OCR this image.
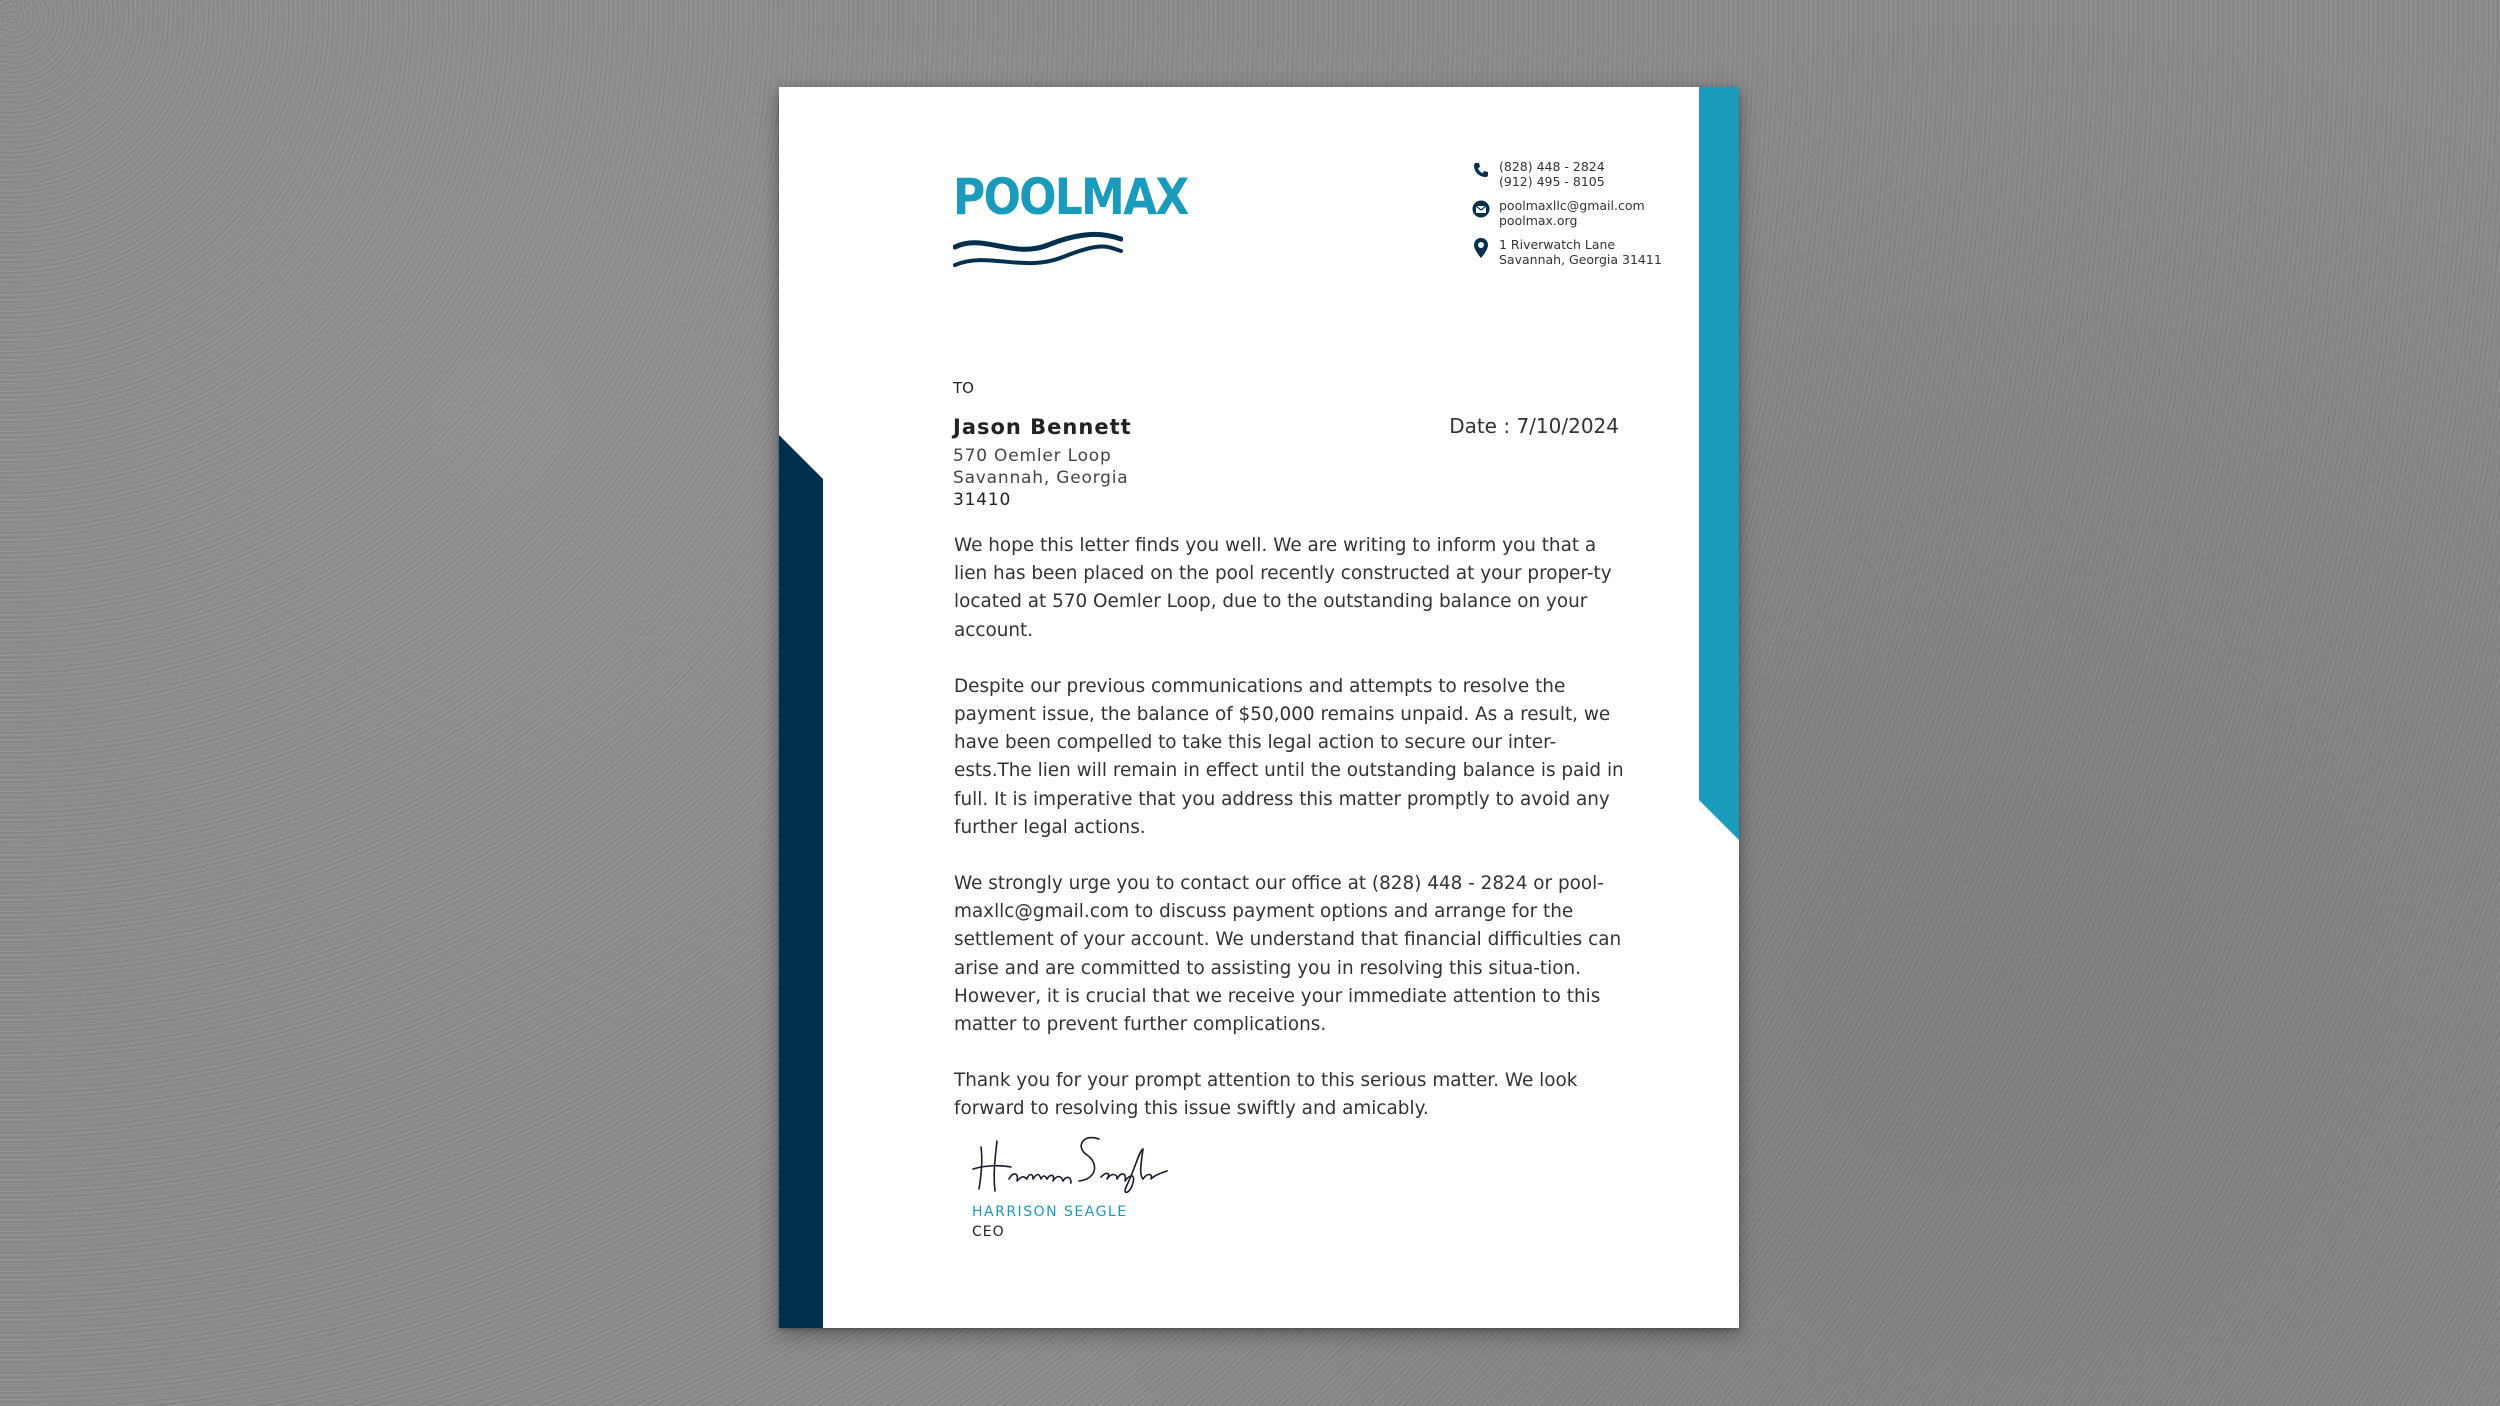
POOLMAX
(828) 448 - 2824
(912) 495 - 8105
poolmaxllc@gmail.com
poolmax.org
1 Riverwatch Lane
Savannah, Georgia 31411
TO
Jason Bennett	Date : 7/10/2024
570 Oemler Loop
Savannah, Georgia
31410

We hope this letter finds you well. We are writing to inform you that a lien has been placed on the pool recently constructed at your proper-ty located at 570 Oemler Loop, due to the outstanding balance on your account.

Despite our previous communications and attempts to resolve the payment issue, the balance of $50,000 remains unpaid. As a result, we have been compelled to take this legal action to secure our inter-ests.The lien will remain in effect until the outstanding balance is paid in full. It is imperative that you address this matter promptly to avoid any further legal actions.

We strongly urge you to contact our office at (828) 448 - 2824 or pool-maxllc@gmail.com to discuss payment options and arrange for the settlement of your account. We understand that financial difficulties can arise and are committed to assisting you in resolving this situa-tion. However, it is crucial that we receive your immediate attention to this matter to prevent further complications.

Thank you for your prompt attention to this serious matter. We look forward to resolving this issue swiftly and amicably.

HARRISON SEAGLE
CEO
